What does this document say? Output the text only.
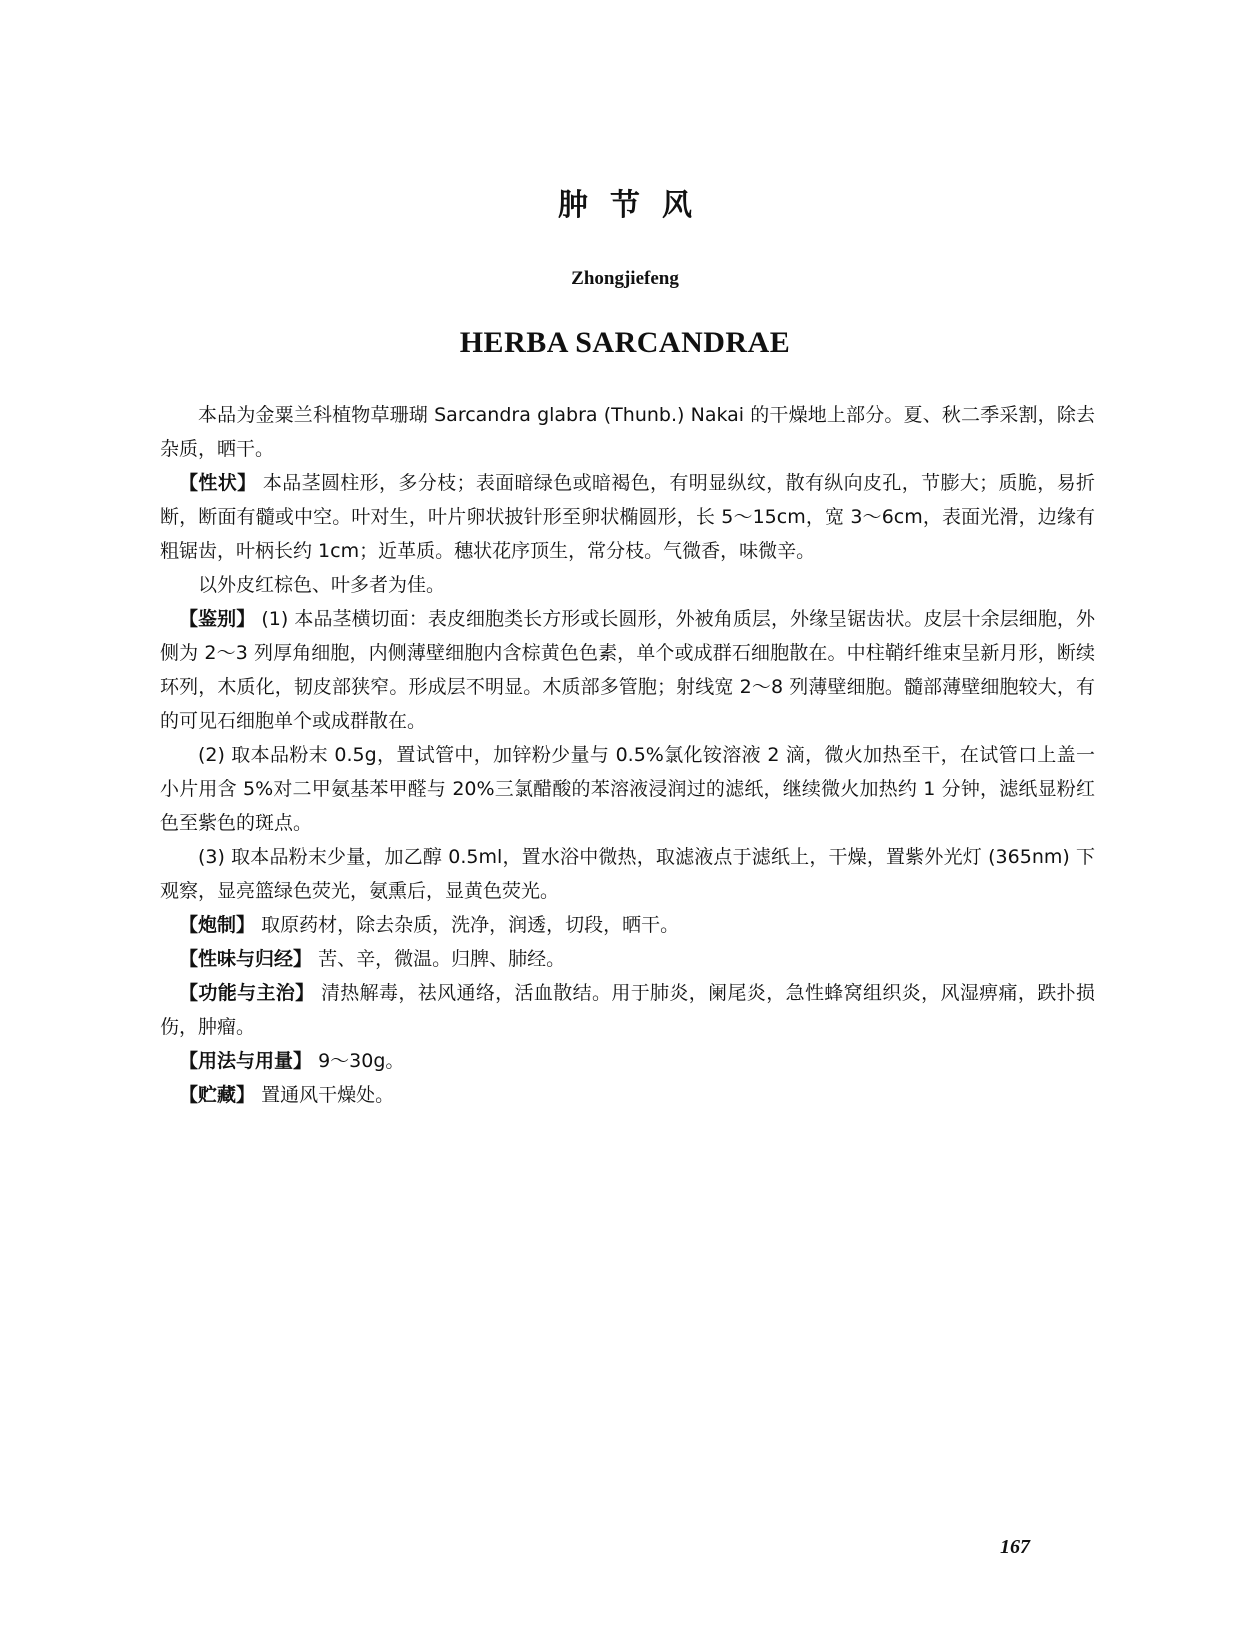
肿节风
Zhongjiefeng
HERBA SARCANDRAE

本品为金粟兰科植物草珊瑚 Sarcandra glabra (Thunb.) Nakai 的干燥地上部分。夏、秋二季采割，除去杂质，晒干。

【性状】 本品茎圆柱形，多分枝；表面暗绿色或暗褐色，有明显纵纹，散有纵向皮孔，节膨大；质脆，易折断，断面有髓或中空。叶对生，叶片卵状披针形至卵状椭圆形，长 5～15cm，宽 3～6cm，表面光滑，边缘有粗锯齿，叶柄长约 1cm；近革质。穗状花序顶生，常分枝。气微香，味微辛。

以外皮红棕色、叶多者为佳。

【鉴别】 (1) 本品茎横切面：表皮细胞类长方形或长圆形，外被角质层，外缘呈锯齿状。皮层十余层细胞，外侧为 2～3 列厚角细胞，内侧薄壁细胞内含棕黄色色素，单个或成群石细胞散在。中柱鞘纤维束呈新月形，断续环列，木质化，韧皮部狭窄。形成层不明显。木质部多管胞；射线宽 2～8 列薄壁细胞。髓部薄壁细胞较大，有的可见石细胞单个或成群散在。

(2) 取本品粉末 0.5g，置试管中，加锌粉少量与 0.5%氯化铵溶液 2 滴，微火加热至干，在试管口上盖一小片用含 5%对二甲氨基苯甲醛与 20%三氯醋酸的苯溶液浸润过的滤纸，继续微火加热约 1 分钟，滤纸显粉红色至紫色的斑点。

(3) 取本品粉末少量，加乙醇 0.5ml，置水浴中微热，取滤液点于滤纸上，干燥，置紫外光灯 (365nm) 下观察，显亮篮绿色荧光，氨熏后，显黄色荧光。

【炮制】 取原药材，除去杂质，洗净，润透，切段，晒干。

【性味与归经】 苦、辛，微温。归脾、肺经。

【功能与主治】 清热解毒，祛风通络，活血散结。用于肺炎，阑尾炎，急性蜂窝组织炎，风湿痹痛，跌扑损伤，肿瘤。

【用法与用量】 9～30g。

【贮藏】 置通风干燥处。

167
